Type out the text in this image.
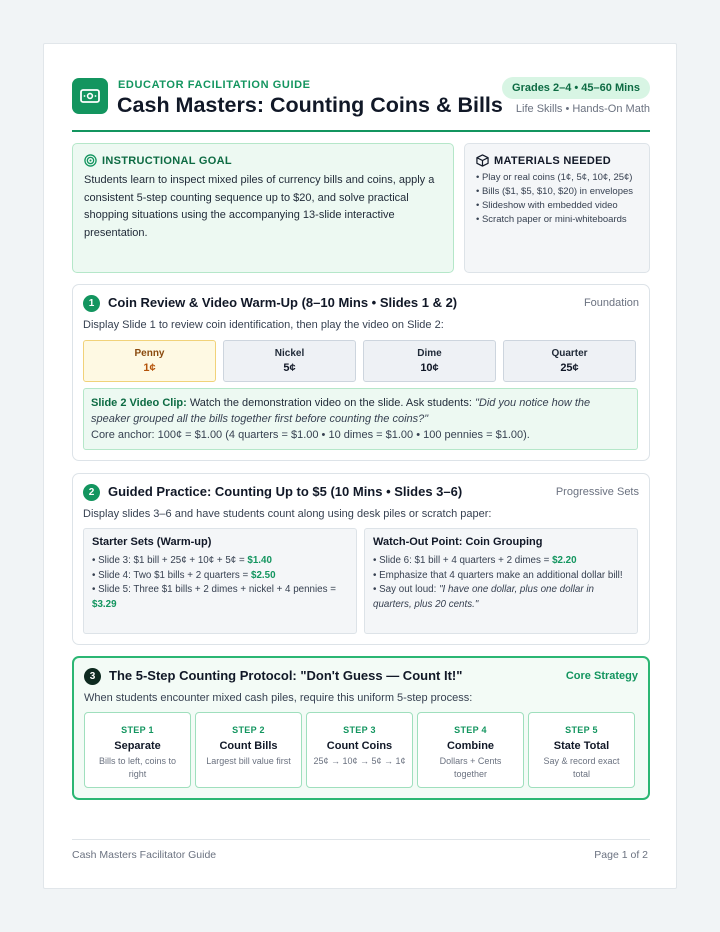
EDUCATOR FACILITATION GUIDE
Cash Masters: Counting Coins & Bills
Grades 2–4 • 45–60 Mins
Life Skills • Hands-On Math
INSTRUCTIONAL GOAL
Students learn to inspect mixed piles of currency bills and coins, apply a consistent 5-step counting sequence up to $20, and solve practical shopping situations using the accompanying 13-slide interactive presentation.
MATERIALS NEEDED
• Play or real coins (1¢, 5¢, 10¢, 25¢)
• Bills ($1, $5, $10, $20) in envelopes
• Slideshow with embedded video
• Scratch paper or mini-whiteboards
1	Coin Review & Video Warm-Up (8–10 Mins • Slides 1 & 2)	Foundation
Display Slide 1 to review coin identification, then play the video on Slide 2:
Penny
1¢
Nickel
5¢
Dime
10¢
Quarter
25¢
Slide 2 Video Clip: Watch the demonstration video on the slide. Ask students: "Did you notice how the speaker grouped all the bills together first before counting the coins?"
Core anchor: 100¢ = $1.00 (4 quarters = $1.00 • 10 dimes = $1.00 • 100 pennies = $1.00).
2	Guided Practice: Counting Up to $5 (10 Mins • Slides 3–6)	Progressive Sets
Display slides 3–6 and have students count along using desk piles or scratch paper:
Starter Sets (Warm-up)
• Slide 3: $1 bill + 25¢ + 10¢ + 5¢ = $1.40
• Slide 4: Two $1 bills + 2 quarters = $2.50
• Slide 5: Three $1 bills + 2 dimes + nickel + 4 pennies = $3.29
Watch-Out Point: Coin Grouping
• Slide 6: $1 bill + 4 quarters + 2 dimes = $2.20
• Emphasize that 4 quarters make an additional dollar bill!
• Say out loud: "I have one dollar, plus one dollar in quarters, plus 20 cents."
3	The 5-Step Counting Protocol: "Don't Guess — Count It!"	Core Strategy
When students encounter mixed cash piles, require this uniform 5-step process:
STEP 1
Separate
Bills to left, coins to right
STEP 2
Count Bills
Largest bill value first
STEP 3
Count Coins
25¢ → 10¢ → 5¢ → 1¢
STEP 4
Combine
Dollars + Cents together
STEP 5
State Total
Say & record exact total
Cash Masters Facilitator Guide	Page 1 of 2
